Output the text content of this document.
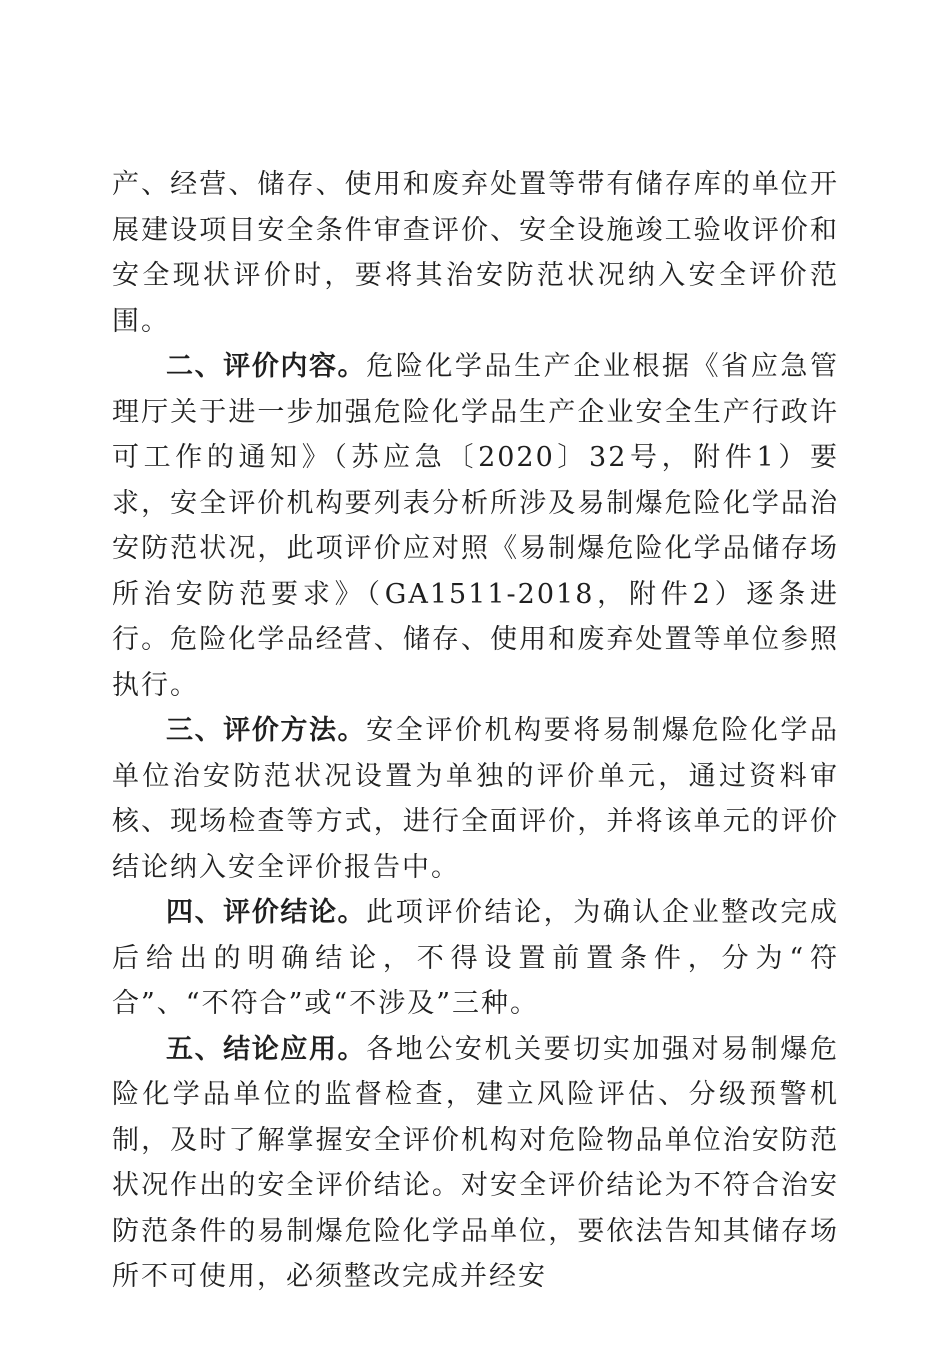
产、经营、储存、使用和废弃处置等带有储存库的单位开展建设项目安全条件审查评价、安全设施竣工验收评价和安全现状评价时，要将其治安防范状况纳入安全评价范围。

二、评价内容。危险化学品生产企业根据《省应急管理厅关于进一步加强危险化学品生产企业安全生产行政许可工作的通知》（苏应急〔2020〕32号，附件1）要求，安全评价机构要列表分析所涉及易制爆危险化学品治安防范状况，此项评价应对照《易制爆危险化学品储存场所治安防范要求》（GA1511-2018，附件2）逐条进行。危险化学品经营、储存、使用和废弃处置等单位参照执行。

三、评价方法。安全评价机构要将易制爆危险化学品单位治安防范状况设置为单独的评价单元，通过资料审核、现场检查等方式，进行全面评价，并将该单元的评价结论纳入安全评价报告中。

四、评价结论。此项评价结论，为确认企业整改完成后给出的明确结论，不得设置前置条件，分为“符合”、“不符合”或“不涉及”三种。

五、结论应用。各地公安机关要切实加强对易制爆危险化学品单位的监督检查，建立风险评估、分级预警机制，及时了解掌握安全评价机构对危险物品单位治安防范状况作出的安全评价结论。对安全评价结论为不符合治安防范条件的易制爆危险化学品单位，要依法告知其储存场所不可使用，必须整改完成并经安
